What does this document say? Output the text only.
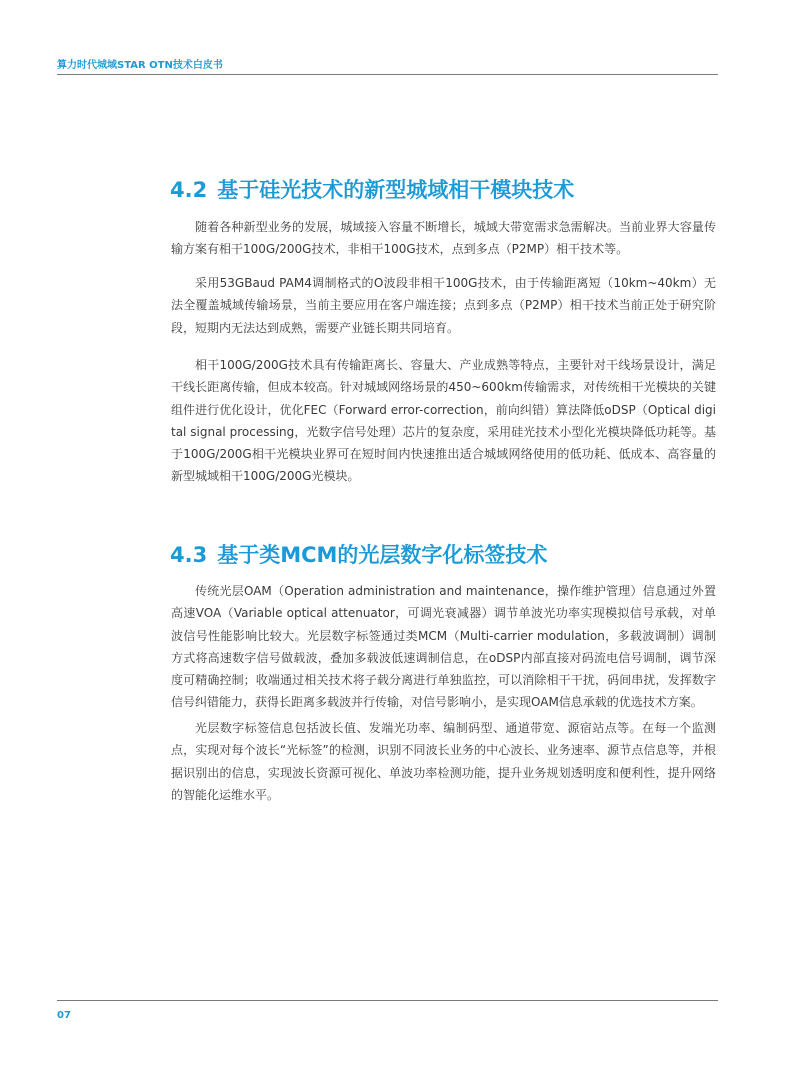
算力时代城域STAR OTN技术白皮书
4.2 基于硅光技术的新型城域相干模块技术

随着各种新型业务的发展，城域接入容量不断增长，城域大带宽需求急需解决。当前业界大容量传输方案有相干100G/200G技术，非相干100G技术，点到多点（P2MP）相干技术等。

采用53GBaud PAM4调制格式的O波段非相干100G技术，由于传输距离短（10km~40km）无法全覆盖城域传输场景，当前主要应用在客户端连接；点到多点（P2MP）相干技术当前正处于研究阶段，短期内无法达到成熟，需要产业链长期共同培育。

相干100G/200G技术具有传输距离长、容量大、产业成熟等特点，主要针对干线场景设计，满足干线长距离传输，但成本较高。针对城域网络场景的450~600km传输需求，对传统相干光模块的关键组件进行优化设计，优化FEC（Forward error-correction，前向纠错）算法降低oDSP（Optical digital signal processing，光数字信号处理）芯片的复杂度，采用硅光技术小型化光模块降低功耗等。基于100G/200G相干光模块业界可在短时间内快速推出适合城域网络使用的低功耗、低成本、高容量的新型城域相干100G/200G光模块。

4.3 基于类MCM的光层数字化标签技术

传统光层OAM（Operation administration and maintenance，操作维护管理）信息通过外置高速VOA（Variable optical attenuator，可调光衰减器）调节单波光功率实现模拟信号承载，对单波信号性能影响比较大。光层数字标签通过类MCM（Multi-carrier modulation，多载波调制）调制方式将高速数字信号做载波，叠加多载波低速调制信息，在oDSP内部直接对码流电信号调制，调节深度可精确控制；收端通过相关技术将子载分离进行单独监控，可以消除相干干扰，码间串扰，发挥数字信号纠错能力，获得长距离多载波并行传输，对信号影响小，是实现OAM信息承载的优选技术方案。

光层数字标签信息包括波长值、发端光功率、编制码型、通道带宽、源宿站点等。在每一个监测点，实现对每个波长“光标签”的检测，识别不同波长业务的中心波长、业务速率、源节点信息等，并根据识别出的信息，实现波长资源可视化、单波功率检测功能，提升业务规划透明度和便利性，提升网络的智能化运维水平。

07
